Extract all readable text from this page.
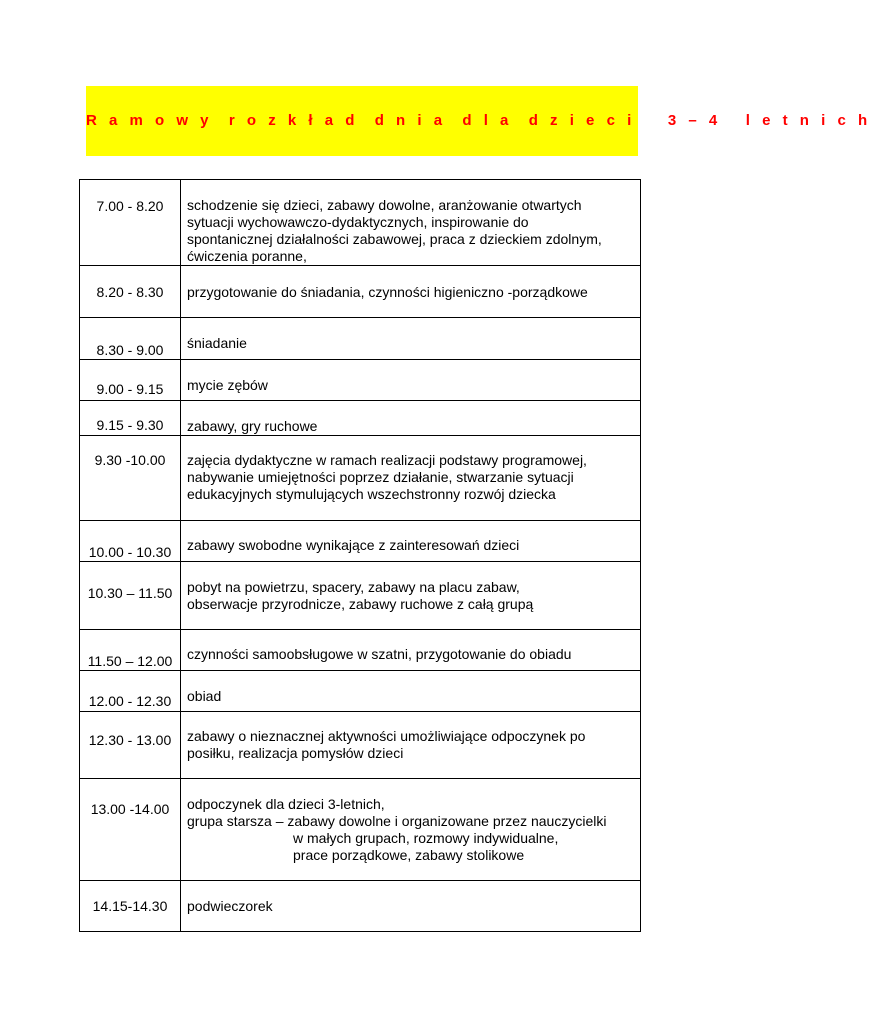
R a m o w y  r o z k ł a d  d n i a  d l a  d z i e c i    3 – 4   l e t n i c h
7.00 - 8.20	schodzenie się dzieci, zabawy dowolne, aranżowanie otwartych
sytuacji wychowawczo-dydaktycznych, inspirowanie do
spontanicznej działalności zabawowej, praca z dzieckiem zdolnym,
ćwiczenia poranne,

8.20 - 8.30	przygotowanie do śniadania, czynności higieniczno -porządkowe

8.30 - 9.00	śniadanie

9.00 - 9.15	mycie zębów

9.15 - 9.30	zabawy, gry ruchowe

9.30 -10.00	zajęcia dydaktyczne w ramach realizacji podstawy programowej,
nabywanie umiejętności poprzez działanie, stwarzanie sytuacji
edukacyjnych stymulujących wszechstronny rozwój dziecka

10.00 - 10.30	zabawy swobodne wynikające z zainteresowań dzieci

10.30 – 11.50	pobyt na powietrzu, spacery, zabawy na placu zabaw,
obserwacje przyrodnicze, zabawy ruchowe z całą grupą

11.50 – 12.00	czynności samoobsługowe w szatni, przygotowanie do obiadu

12.00 - 12.30	obiad

12.30 - 13.00	zabawy o nieznacznej aktywności umożliwiające odpoczynek po
posiłku, realizacja pomysłów dzieci

13.00 -14.00	odpoczynek dla dzieci 3-letnich,
grupa starsza – zabawy dowolne i organizowane przez nauczycielki
w małych grupach, rozmowy indywidualne,
prace porządkowe, zabawy stolikowe

14.15-14.30	podwieczorek
